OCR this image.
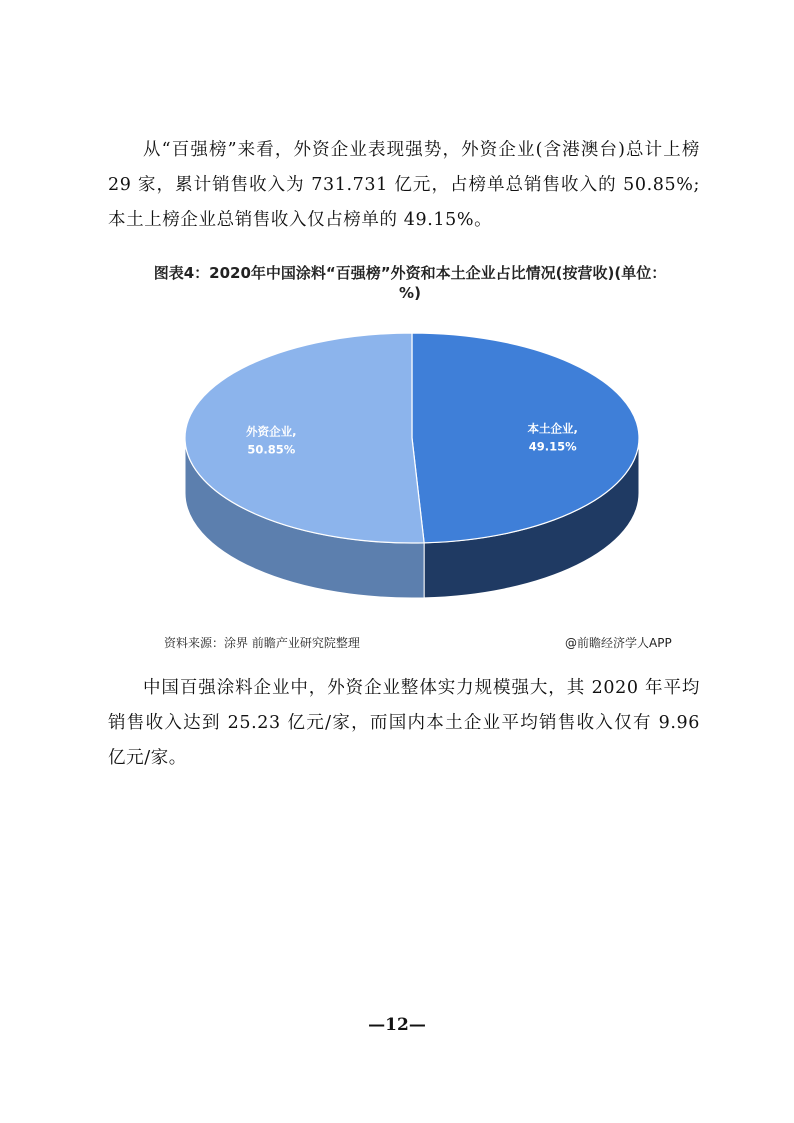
从“百强榜”来看，外资企业表现强势，外资企业(含港澳台)总计上榜 29 家，累计销售收入为 731.731 亿元，占榜单总销售收入的 50.85%;本土上榜企业总销售收入仅占榜单的 49.15%。

图表4：2020年中国涂料“百强榜”外资和本土企业占比情况(按营收)(单位：%)
本土企业,
49.15%
外资企业,
50.85%
资料来源：涂界 前瞻产业研究院整理	@前瞻经济学人APP

中国百强涂料企业中，外资企业整体实力规模强大，其 2020 年平均销售收入达到 25.23 亿元/家，而国内本土企业平均销售收入仅有 9.96 亿元/家。

—12—
